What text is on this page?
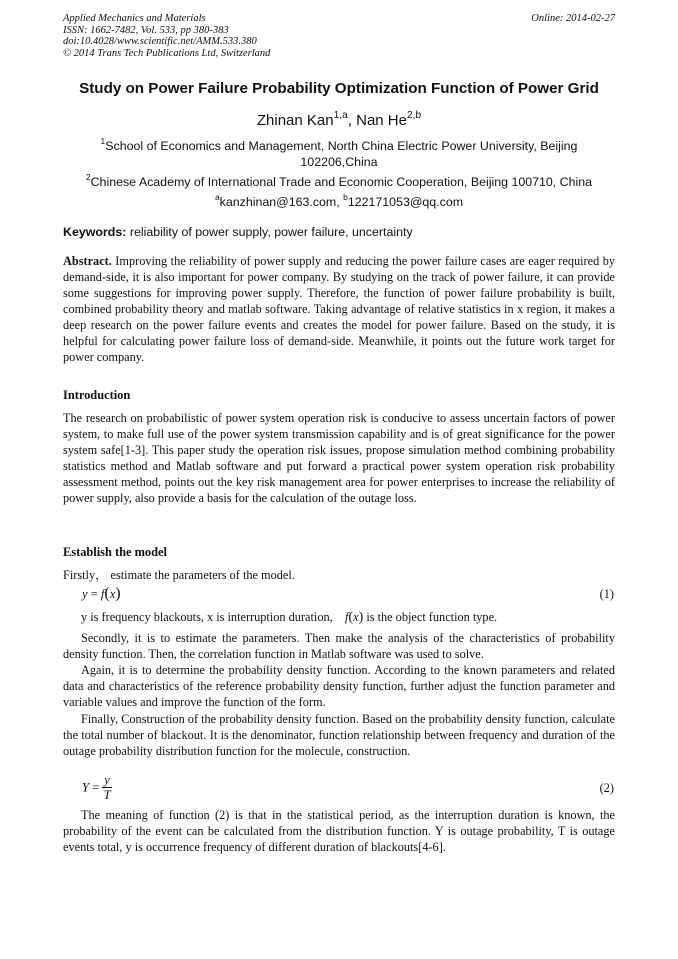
Applied Mechanics and Materials
ISSN: 1662-7482, Vol. 533, pp 380-383
doi:10.4028/www.scientific.net/AMM.533.380
© 2014 Trans Tech Publications Ltd, Switzerland
Online: 2014-02-27
Study on Power Failure Probability Optimization Function of Power Grid
Zhinan Kan$^{1,a}$, Nan He$^{2,b}$
$^1$School of Economics and Management, North China Electric Power University, Beijing 102206,China
$^2$Chinese Academy of International Trade and Economic Cooperation, Beijing 100710, China
$^a$kanzhinan@163.com, $^b$122171053@qq.com
Keywords: reliability of power supply, power failure, uncertainty
Abstract. Improving the reliability of power supply and reducing the power failure cases are eager required by demand-side, it is also important for power company. By studying on the track of power failure, it can provide some suggestions for improving power supply. Therefore, the function of power failure probability is built, combined probability theory and matlab software. Taking advantage of relative statistics in x region, it makes a deep research on the power failure events and creates the model for power failure. Based on the study, it is helpful for calculating power failure loss of demand-side. Meanwhile, it points out the future work target for power company.
Introduction
The research on probabilistic of power system operation risk is conducive to assess uncertain factors of power system, to make full use of the power system transmission capability and is of great significance for the power system safe[1-3]. This paper study the operation risk issues, propose simulation method combining probability statistics method and Matlab software and put forward a practical power system operation risk probability assessment method, points out the key risk management area for power enterprises to increase the reliability of power supply, also provide a basis for the calculation of the outage loss.
Establish the model
Firstly， estimate the parameters of the model.
y = f(x)	(1)
y is frequency blackouts, x is interruption duration, f(x) is the object function type.
Secondly, it is to estimate the parameters. Then make the analysis of the characteristics of probability density function. Then, the correlation function in Matlab software was used to solve.
Again, it is to determine the probability density function. According to the known parameters and related data and characteristics of the reference probability density function, further adjust the function parameter and variable values and improve the function of the form.
Finally, Construction of the probability density function. Based on the probability density function, calculate the total number of blackout. It is the denominator, function relationship between frequency and duration of the outage probability distribution function for the molecule, construction.
$Y = \frac{y}{T}$	(2)
The meaning of function (2) is that in the statistical period, as the interruption duration is known, the probability of the event can be calculated from the distribution function. Y is outage probability, T is outage events total, y is occurrence frequency of different duration of blackouts[4-6].
